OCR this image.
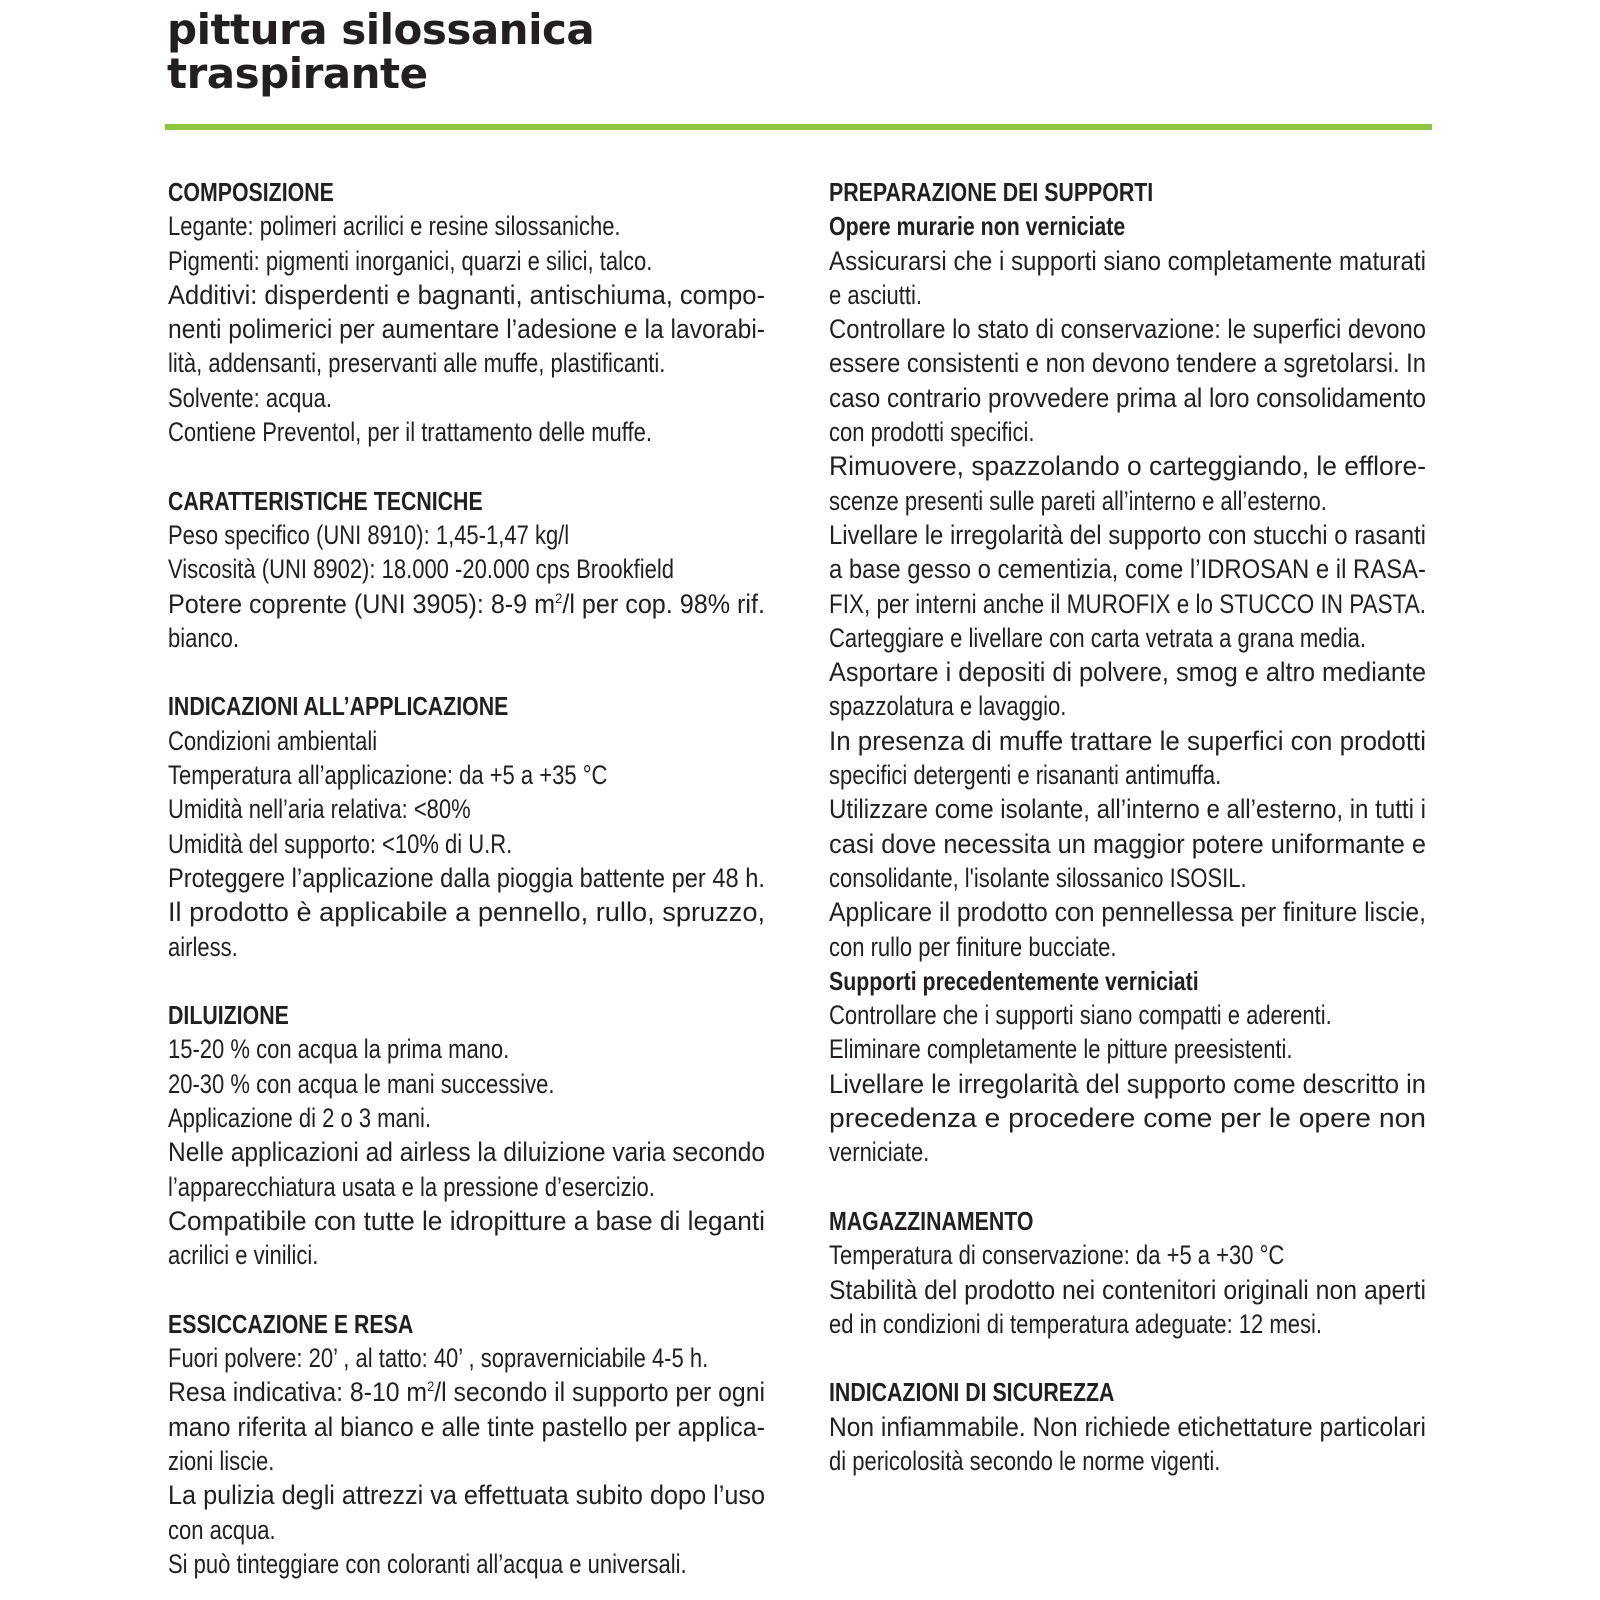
pittura silossanica
traspirante
COMPOSIZIONE
Legante: polimeri acrilici e resine silossaniche.
Pigmenti: pigmenti inorganici, quarzi e silici, talco.
Additivi: disperdenti e bagnanti, antischiuma, compo-
nenti polimerici per aumentare l’adesione e la lavorabi-
lità, addensanti, preservanti alle muffe, plastificanti.
Solvente: acqua.
Contiene Preventol, per il trattamento delle muffe.
CARATTERISTICHE TECNICHE
Peso specifico (UNI 8910): 1,45-1,47 kg/l
Viscosità (UNI 8902): 18.000 -20.000 cps Brookfield
Potere coprente (UNI 3905): 8-9 $m^2/l$ per cop. 98% rif.
bianco.
INDICAZIONI ALL’APPLICAZIONE
Condizioni ambientali
Temperatura all’applicazione: da +5 a +35 °C
Umidità nell’aria relativa: <80%
Umidità del supporto: <10% di U.R.
Proteggere l’applicazione dalla pioggia battente per 48 h.
Il prodotto è applicabile a pennello, rullo, spruzzo,
airless.
DILUIZIONE
15-20 % con acqua la prima mano.
20-30 % con acqua le mani successive.
Applicazione di 2 o 3 mani.
Nelle applicazioni ad airless la diluizione varia secondo
l’apparecchiatura usata e la pressione d’esercizio.
Compatibile con tutte le idropitture a base di leganti
acrilici e vinilici.
ESSICCAZIONE E RESA
Fuori polvere: 20’ , al tatto: 40’ , sopraverniciabile 4-5 h.
Resa indicativa: 8-10 $m^2/l$ secondo il supporto per ogni
mano riferita al bianco e alle tinte pastello per applica-
zioni liscie.
La pulizia degli attrezzi va effettuata subito dopo l’uso
con acqua.
Si può tinteggiare con coloranti all’acqua e universali.
PREPARAZIONE DEI SUPPORTI
Opere murarie non verniciate
Assicurarsi che i supporti siano completamente maturati
e asciutti.
Controllare lo stato di conservazione: le superfici devono
essere consistenti e non devono tendere a sgretolarsi. In
caso contrario provvedere prima al loro consolidamento
con prodotti specifici.
Rimuovere, spazzolando o carteggiando, le efflore-
scenze presenti sulle pareti all’interno e all’esterno.
Livellare le irregolarità del supporto con stucchi o rasanti
a base gesso o cementizia, come l’IDROSAN e il RASA-
FIX, per interni anche il MUROFIX e lo STUCCO IN PASTA.
Carteggiare e livellare con carta vetrata a grana media.
Asportare i depositi di polvere, smog e altro mediante
spazzolatura e lavaggio.
In presenza di muffe trattare le superfici con prodotti
specifici detergenti e risananti antimuffa.
Utilizzare come isolante, all’interno e all’esterno, in tutti i
casi dove necessita un maggior potere uniformante e
consolidante, l'isolante silossanico ISOSIL.
Applicare il prodotto con pennellessa per finiture liscie,
con rullo per finiture bucciate.
Supporti precedentemente verniciati
Controllare che i supporti siano compatti e aderenti.
Eliminare completamente le pitture preesistenti.
Livellare le irregolarità del supporto come descritto in
precedenza e procedere come per le opere non
verniciate.
MAGAZZINAMENTO
Temperatura di conservazione: da +5 a +30 °C
Stabilità del prodotto nei contenitori originali non aperti
ed in condizioni di temperatura adeguate: 12 mesi.
INDICAZIONI DI SICUREZZA
Non infiammabile. Non richiede etichettature particolari
di pericolosità secondo le norme vigenti.
